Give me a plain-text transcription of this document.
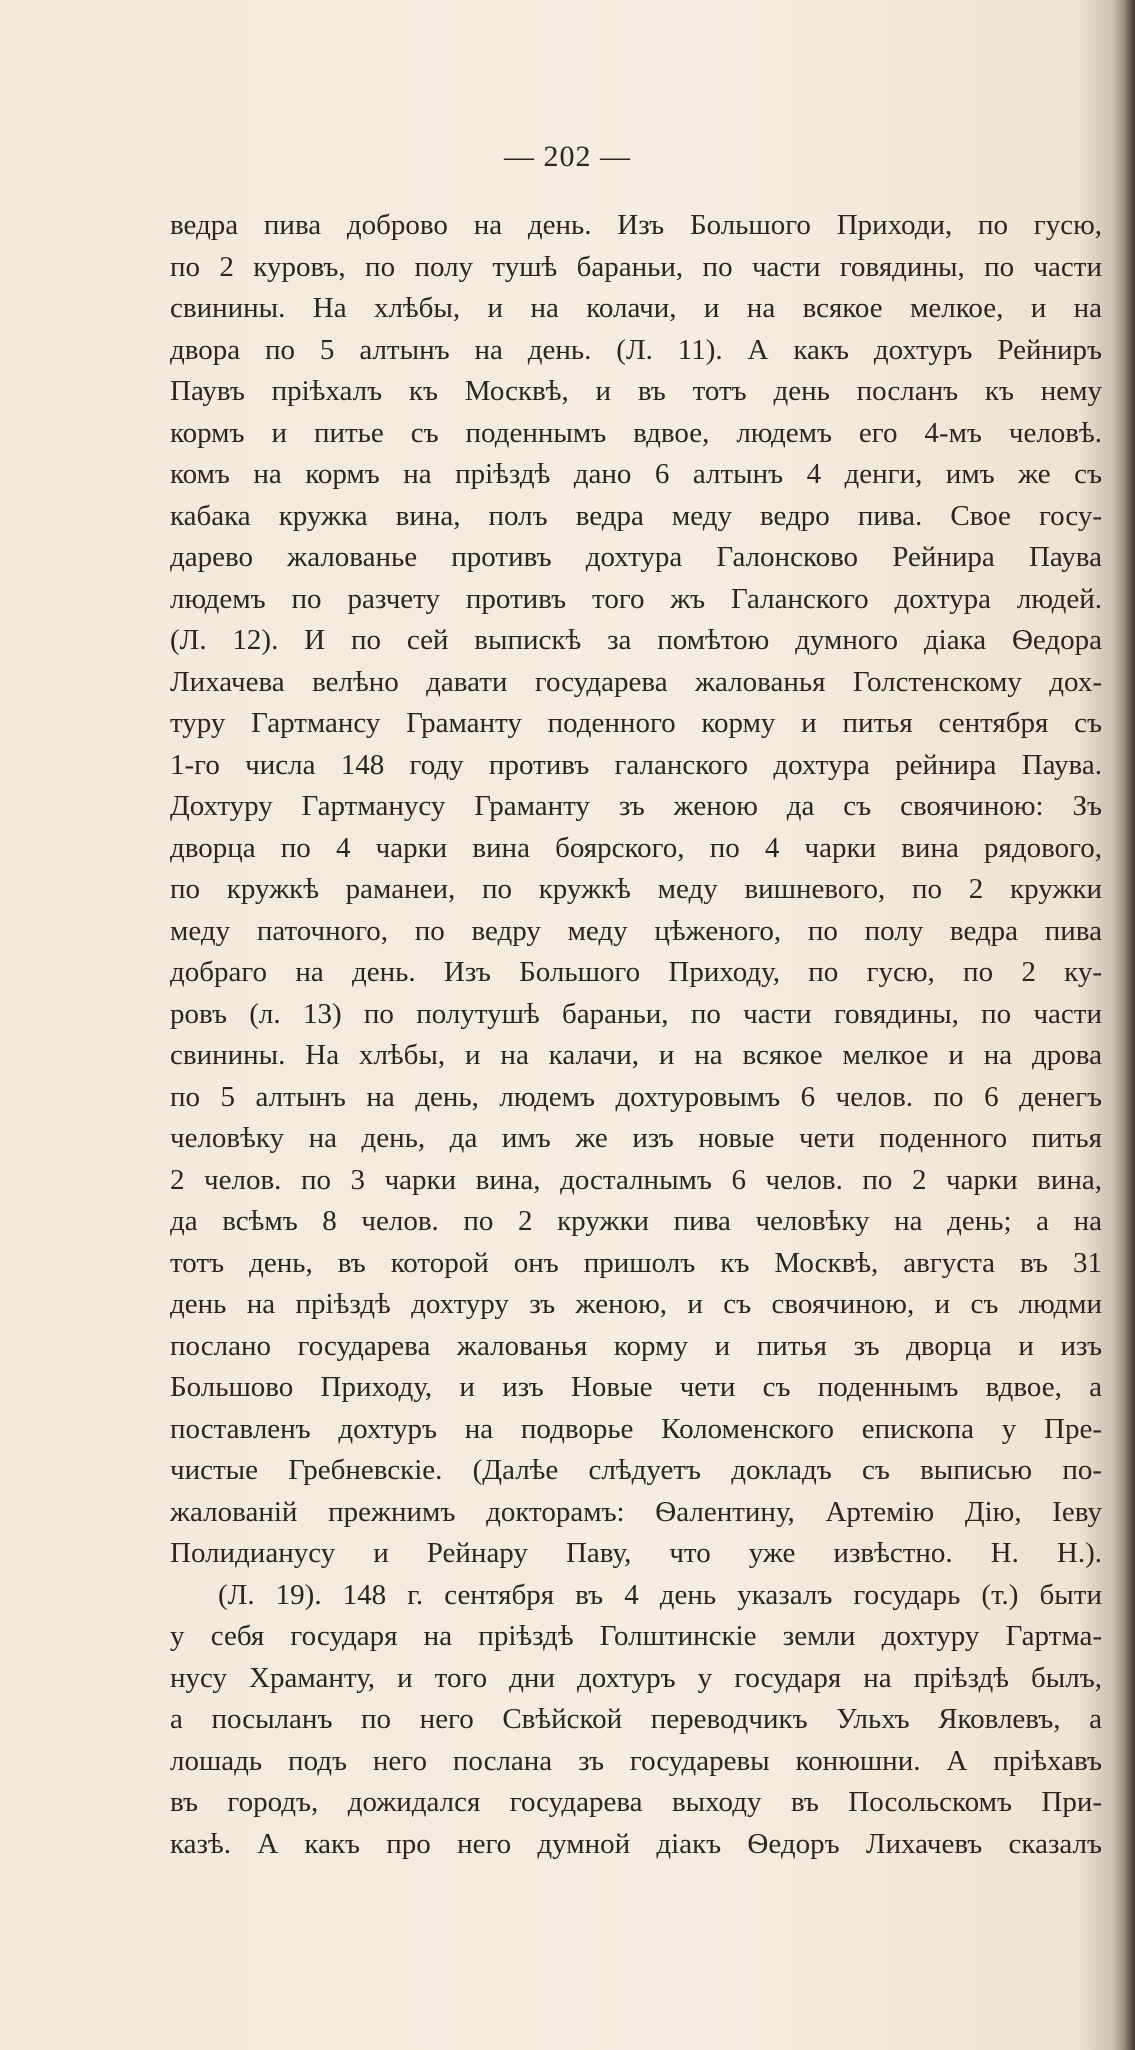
— 202 —
ведра пива доброво на день. Изъ Большого Приходи, по гусю,
по 2 куровъ, по полу тушѣ бараньи, по части говядины, по части
свинины. На хлѣбы, и на колачи, и на всякое мелкое, и на
двора по 5 алтынъ на день. (Л. 11). А какъ дохтуръ Рейниръ
Паувъ пріѣхалъ къ Москвѣ, и въ тотъ день посланъ къ нему
кормъ и питье съ поденнымъ вдвое, людемъ его 4-мъ человѣ.
комъ на кормъ на пріѣздѣ дано 6 алтынъ 4 денги, имъ же съ
кабака кружка вина, полъ ведра меду ведро пива. Свое госу-
дарево жалованье противъ дохтура Галонсково Рейнира Паува
людемъ по разчету противъ того жъ Галанского дохтура людей.
(Л. 12). И по сей выпискѣ за помѣтою думного діака Ѳедора
Лихачева велѣно давати государева жалованья Голстенскому дох-
туру Гартмансу Граманту поденного корму и питья сентября съ
1-го числа 148 году противъ галанского дохтура рейнира Паува.
Дохтуру Гартманусу Граманту зъ женою да съ своячиною: Зъ
дворца по 4 чарки вина боярского, по 4 чарки вина рядового,
по кружкѣ раманеи, по кружкѣ меду вишневого, по 2 кружки
меду паточного, по ведру меду цѣженого, по полу ведра пива
добраго на день. Изъ Большого Приходу, по гусю, по 2 ку-
ровъ (л. 13) по полутушѣ бараньи, по части говядины, по части
свинины. На хлѣбы, и на калачи, и на всякое мелкое и на дрова
по 5 алтынъ на день, людемъ дохтуровымъ 6 челов. по 6 денегъ
человѣку на день, да имъ же изъ новые чети поденного питья
2 челов. по 3 чарки вина, досталнымъ 6 челов. по 2 чарки вина,
да всѣмъ 8 челов. по 2 кружки пива человѣку на день; а на
тотъ день, въ которой онъ пришолъ къ Москвѣ, августа въ 31
день на пріѣздѣ дохтуру зъ женою, и съ своячиною, и съ людми
послано государева жалованья корму и питья зъ дворца и изъ
Большово Приходу, и изъ Новые чети съ поденнымъ вдвое, а
поставленъ дохтуръ на подворье Коломенского епископа у Пре-
чистые Гребневскіе. (Далѣе слѣдуетъ докладъ съ выписью по-
жалованій прежнимъ докторамъ: Ѳалентину, Артемію Дію, Іеву
Полидианусу и Рейнару Паву, что уже извѣстно. Н. Н.).
(Л. 19). 148 г. сентября въ 4 день указалъ государь (т.) быти
у себя государя на пріѣздѣ Голштинскіе земли дохтуру Гартма-
нусу Храманту, и того дни дохтуръ у государя на пріѣздѣ былъ,
а посыланъ по него Свѣйской переводчикъ Ульхъ Яковлевъ, а
лошадь подъ него послана зъ государевы конюшни. А пріѣхавъ
въ городъ, дожидался государева выходу въ Посольскомъ При-
казѣ. А какъ про него думной діакъ Ѳедоръ Лихачевъ сказалъ
